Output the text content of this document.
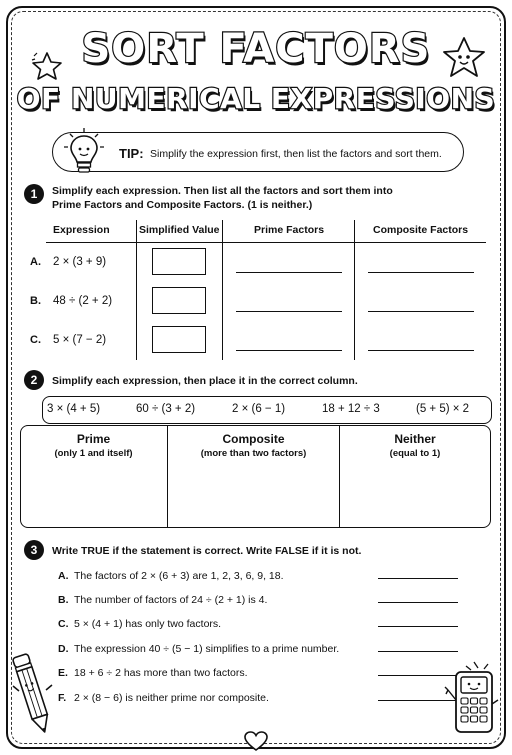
SORT FACTORS
OF NUMERICAL EXPRESSIONS
TIP: Simplify the expression first, then list the factors and sort them.
1	Simplify each expression. Then list all the factors and sort them into
Prime Factors and Composite Factors. (1 is neither.)
Expression	Simplified Value	Prime Factors	Composite Factors
A. 2 × (3 + 9)
B. 48 ÷ (2 + 2)
C. 5 × (7 − 2)
2	Simplify each expression, then place it in the correct column.
3 × (4 + 5)	60 ÷ (3 + 2)	2 × (6 − 1)	18 + 12 ÷ 3	(5 + 5) × 2
Prime
(only 1 and itself)
Composite
(more than two factors)
Neither
(equal to 1)
3	Write TRUE if the statement is correct. Write FALSE if it is not.
A. The factors of 2 × (6 + 3) are 1, 2, 3, 6, 9, 18.
B. The number of factors of 24 ÷ (2 + 1) is 4.
C. 5 × (4 + 1) has only two factors.
D. The expression 40 ÷ (5 − 1) simplifies to a prime number.
E. 18 + 6 ÷ 2 has more than two factors.
F. 2 × (8 − 6) is neither prime nor composite.
